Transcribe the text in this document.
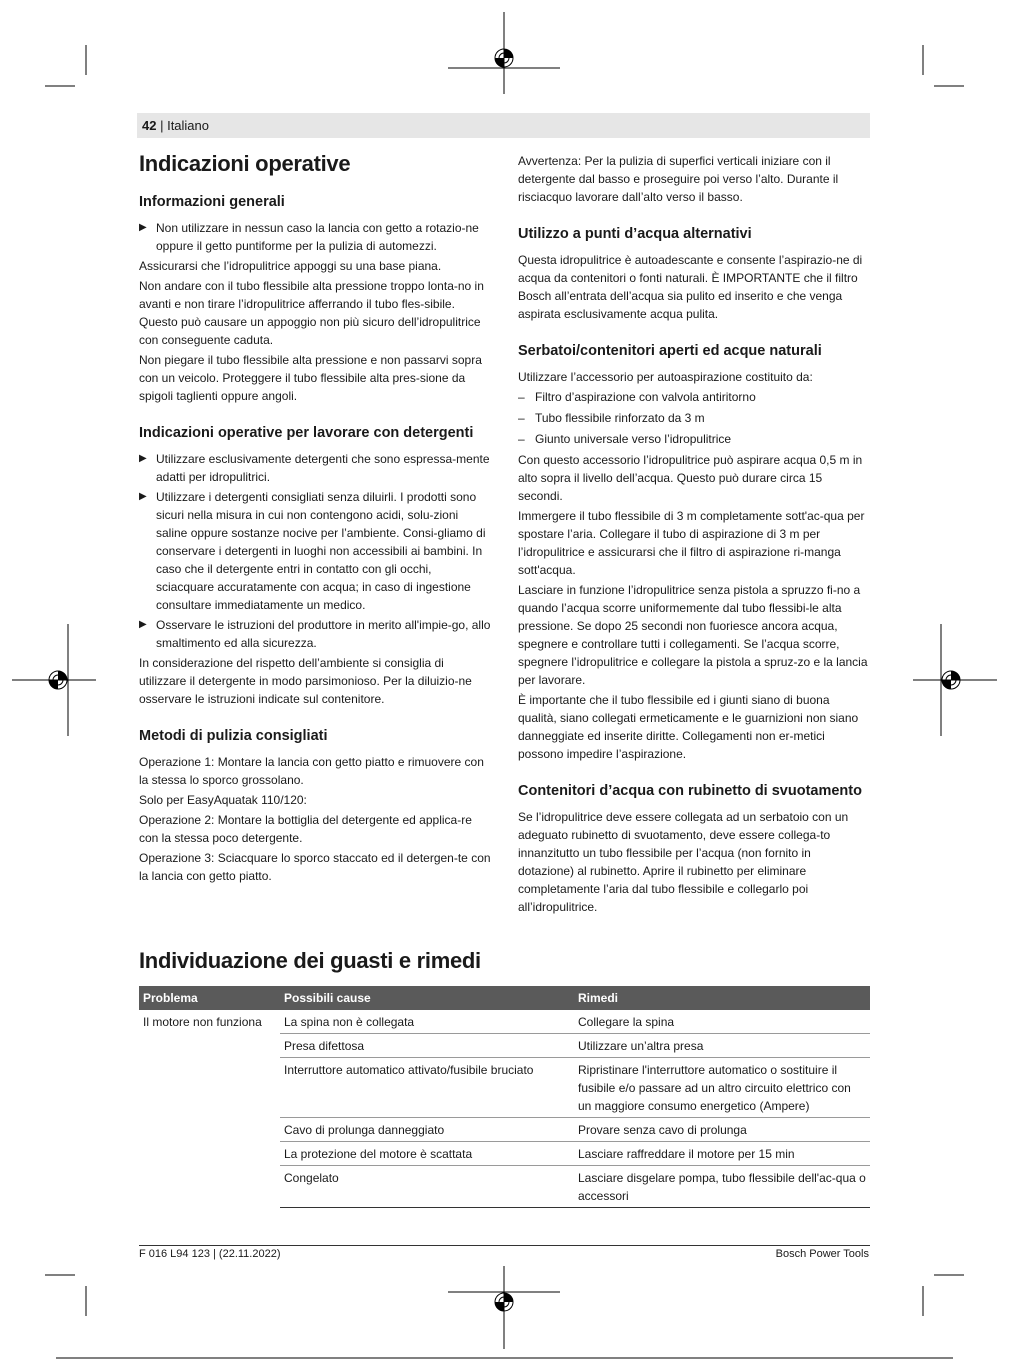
42 | Italiano
Indicazioni operative
Informazioni generali

▶ Non utilizzare in nessun caso la lancia con getto a rotazio-ne oppure il getto puntiforme per la pulizia di automezzi.

Assicurarsi che l’idropulitrice appoggi su una base piana.

Non andare con il tubo flessibile alta pressione troppo lonta-no in avanti e non tirare l’idropulitrice afferrando il tubo fles-sibile. Questo può causare un appoggio non più sicuro dell’idropulitrice con conseguente caduta.

Non piegare il tubo flessibile alta pressione e non passarvi sopra con un veicolo. Proteggere il tubo flessibile alta pres-sione da spigoli taglienti oppure angoli.

Indicazioni operative per lavorare con detergenti

▶ Utilizzare esclusivamente detergenti che sono espressa-mente adatti per idropulitrici.

▶ Utilizzare i detergenti consigliati senza diluirli. I prodotti sono sicuri nella misura in cui non contengono acidi, solu-zioni saline oppure sostanze nocive per l’ambiente. Consi-gliamo di conservare i detergenti in luoghi non accessibili ai bambini. In caso che il detergente entri in contatto con gli occhi, sciacquare accuratamente con acqua; in caso di ingestione consultare immediatamente un medico.

▶ Osservare le istruzioni del produttore in merito all'impie-go, allo smaltimento ed alla sicurezza.

In considerazione del rispetto dell’ambiente si consiglia di utilizzare il detergente in modo parsimonioso. Per la diluizio-ne osservare le istruzioni indicate sul contenitore.

Metodi di pulizia consigliati

Operazione 1: Montare la lancia con getto piatto e rimuovere con la stessa lo sporco grossolano.

Solo per EasyAquatak 110/120:

Operazione 2: Montare la bottiglia del detergente ed applica-re con la stessa poco detergente.

Operazione 3: Sciacquare lo sporco staccato ed il detergen-te con la lancia con getto piatto.

Avvertenza: Per la pulizia di superfici verticali iniziare con il detergente dal basso e proseguire poi verso l’alto. Durante il risciacquo lavorare dall’alto verso il basso.

Utilizzo a punti d’acqua alternativi

Questa idropulitrice è autoadescante e consente l’aspirazio-ne di acqua da contenitori o fonti naturali. È IMPORTANTE che il filtro Bosch all’entrata dell’acqua sia pulito ed inserito e che venga aspirata esclusivamente acqua pulita.

Serbatoi/contenitori aperti ed acque naturali

Utilizzare l’accessorio per autoaspirazione costituito da:

– Filtro d’aspirazione con valvola antiritorno

– Tubo flessibile rinforzato da 3 m

– Giunto universale verso l’idropulitrice

Con questo accessorio l’idropulitrice può aspirare acqua 0,5 m in alto sopra il livello dell’acqua. Questo può durare circa 15 secondi.

Immergere il tubo flessibile di 3 m completamente sott'ac-qua per spostare l’aria. Collegare il tubo di aspirazione di 3 m per l’idropulitrice e assicurarsi che il filtro di aspirazione ri-manga sott'acqua.

Lasciare in funzione l’idropulitrice senza pistola a spruzzo fi-no a quando l’acqua scorre uniformemente dal tubo flessibi-le alta pressione. Se dopo 25 secondi non fuoriesce ancora acqua, spegnere e controllare tutti i collegamenti. Se l’acqua scorre, spegnere l’idropulitrice e collegare la pistola a spruz-zo e la lancia per lavorare.

È importante che il tubo flessibile ed i giunti siano di buona qualità, siano collegati ermeticamente e le guarnizioni non siano danneggiate ed inserite diritte. Collegamenti non er-metici possono impedire l’aspirazione.

Contenitori d’acqua con rubinetto di svuotamento

Se l’idropulitrice deve essere collegata ad un serbatoio con un adeguato rubinetto di svuotamento, deve essere collega-to innanzitutto un tubo flessibile per l’acqua (non fornito in dotazione) al rubinetto. Aprire il rubinetto per eliminare completamente l’aria dal tubo flessibile e collegarlo poi all’idropulitrice.

Individuazione dei guasti e rimedi
Problema	Possibili cause	Rimedi
Il motore non funziona	La spina non è collegata	Collegare la spina
	Presa difettosa	Utilizzare un’altra presa
	Interruttore automatico attivato/fusibile bruciato	Ripristinare l'interruttore automatico o sostituire il fusibile e/o passare ad un altro circuito elettrico con un maggiore consumo energetico (Ampere)
	Cavo di prolunga danneggiato	Provare senza cavo di prolunga
	La protezione del motore è scattata	Lasciare raffreddare il motore per 15 min
	Congelato	Lasciare disgelare pompa, tubo flessibile dell'ac-qua o accessori
F 016 L94 123 | (22.11.2022)	Bosch Power Tools
